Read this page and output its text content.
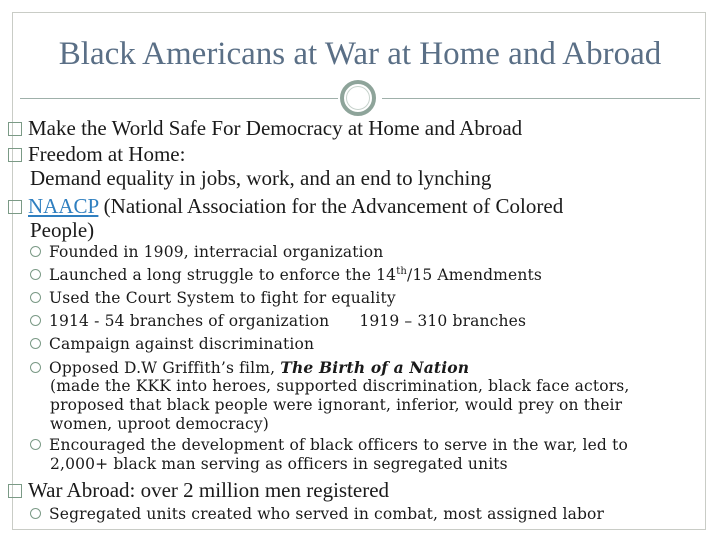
Black Americans at War at Home and Abroad
Make the World Safe For Democracy at Home and Abroad
Freedom at Home:
Demand equality in jobs, work, and an end to lynching
NAACP (National Association for the Advancement of Colored
People)
Founded in 1909, interracial organization
Launched a long struggle to enforce the 14th/15 Amendments
Used the Court System to fight for equality
1914 - 54 branches of organization 1919 – 310 branches
Campaign against discrimination
Opposed D.W Griffith’s film, The Birth of a Nation
(made the KKK into heroes, supported discrimination, black face actors,
proposed that black people were ignorant, inferior, would prey on their
women, uproot democracy)
Encouraged the development of black officers to serve in the war, led to
2,000+ black man serving as officers in segregated units
War Abroad: over 2 million men registered
Segregated units created who served in combat, most assigned labor
